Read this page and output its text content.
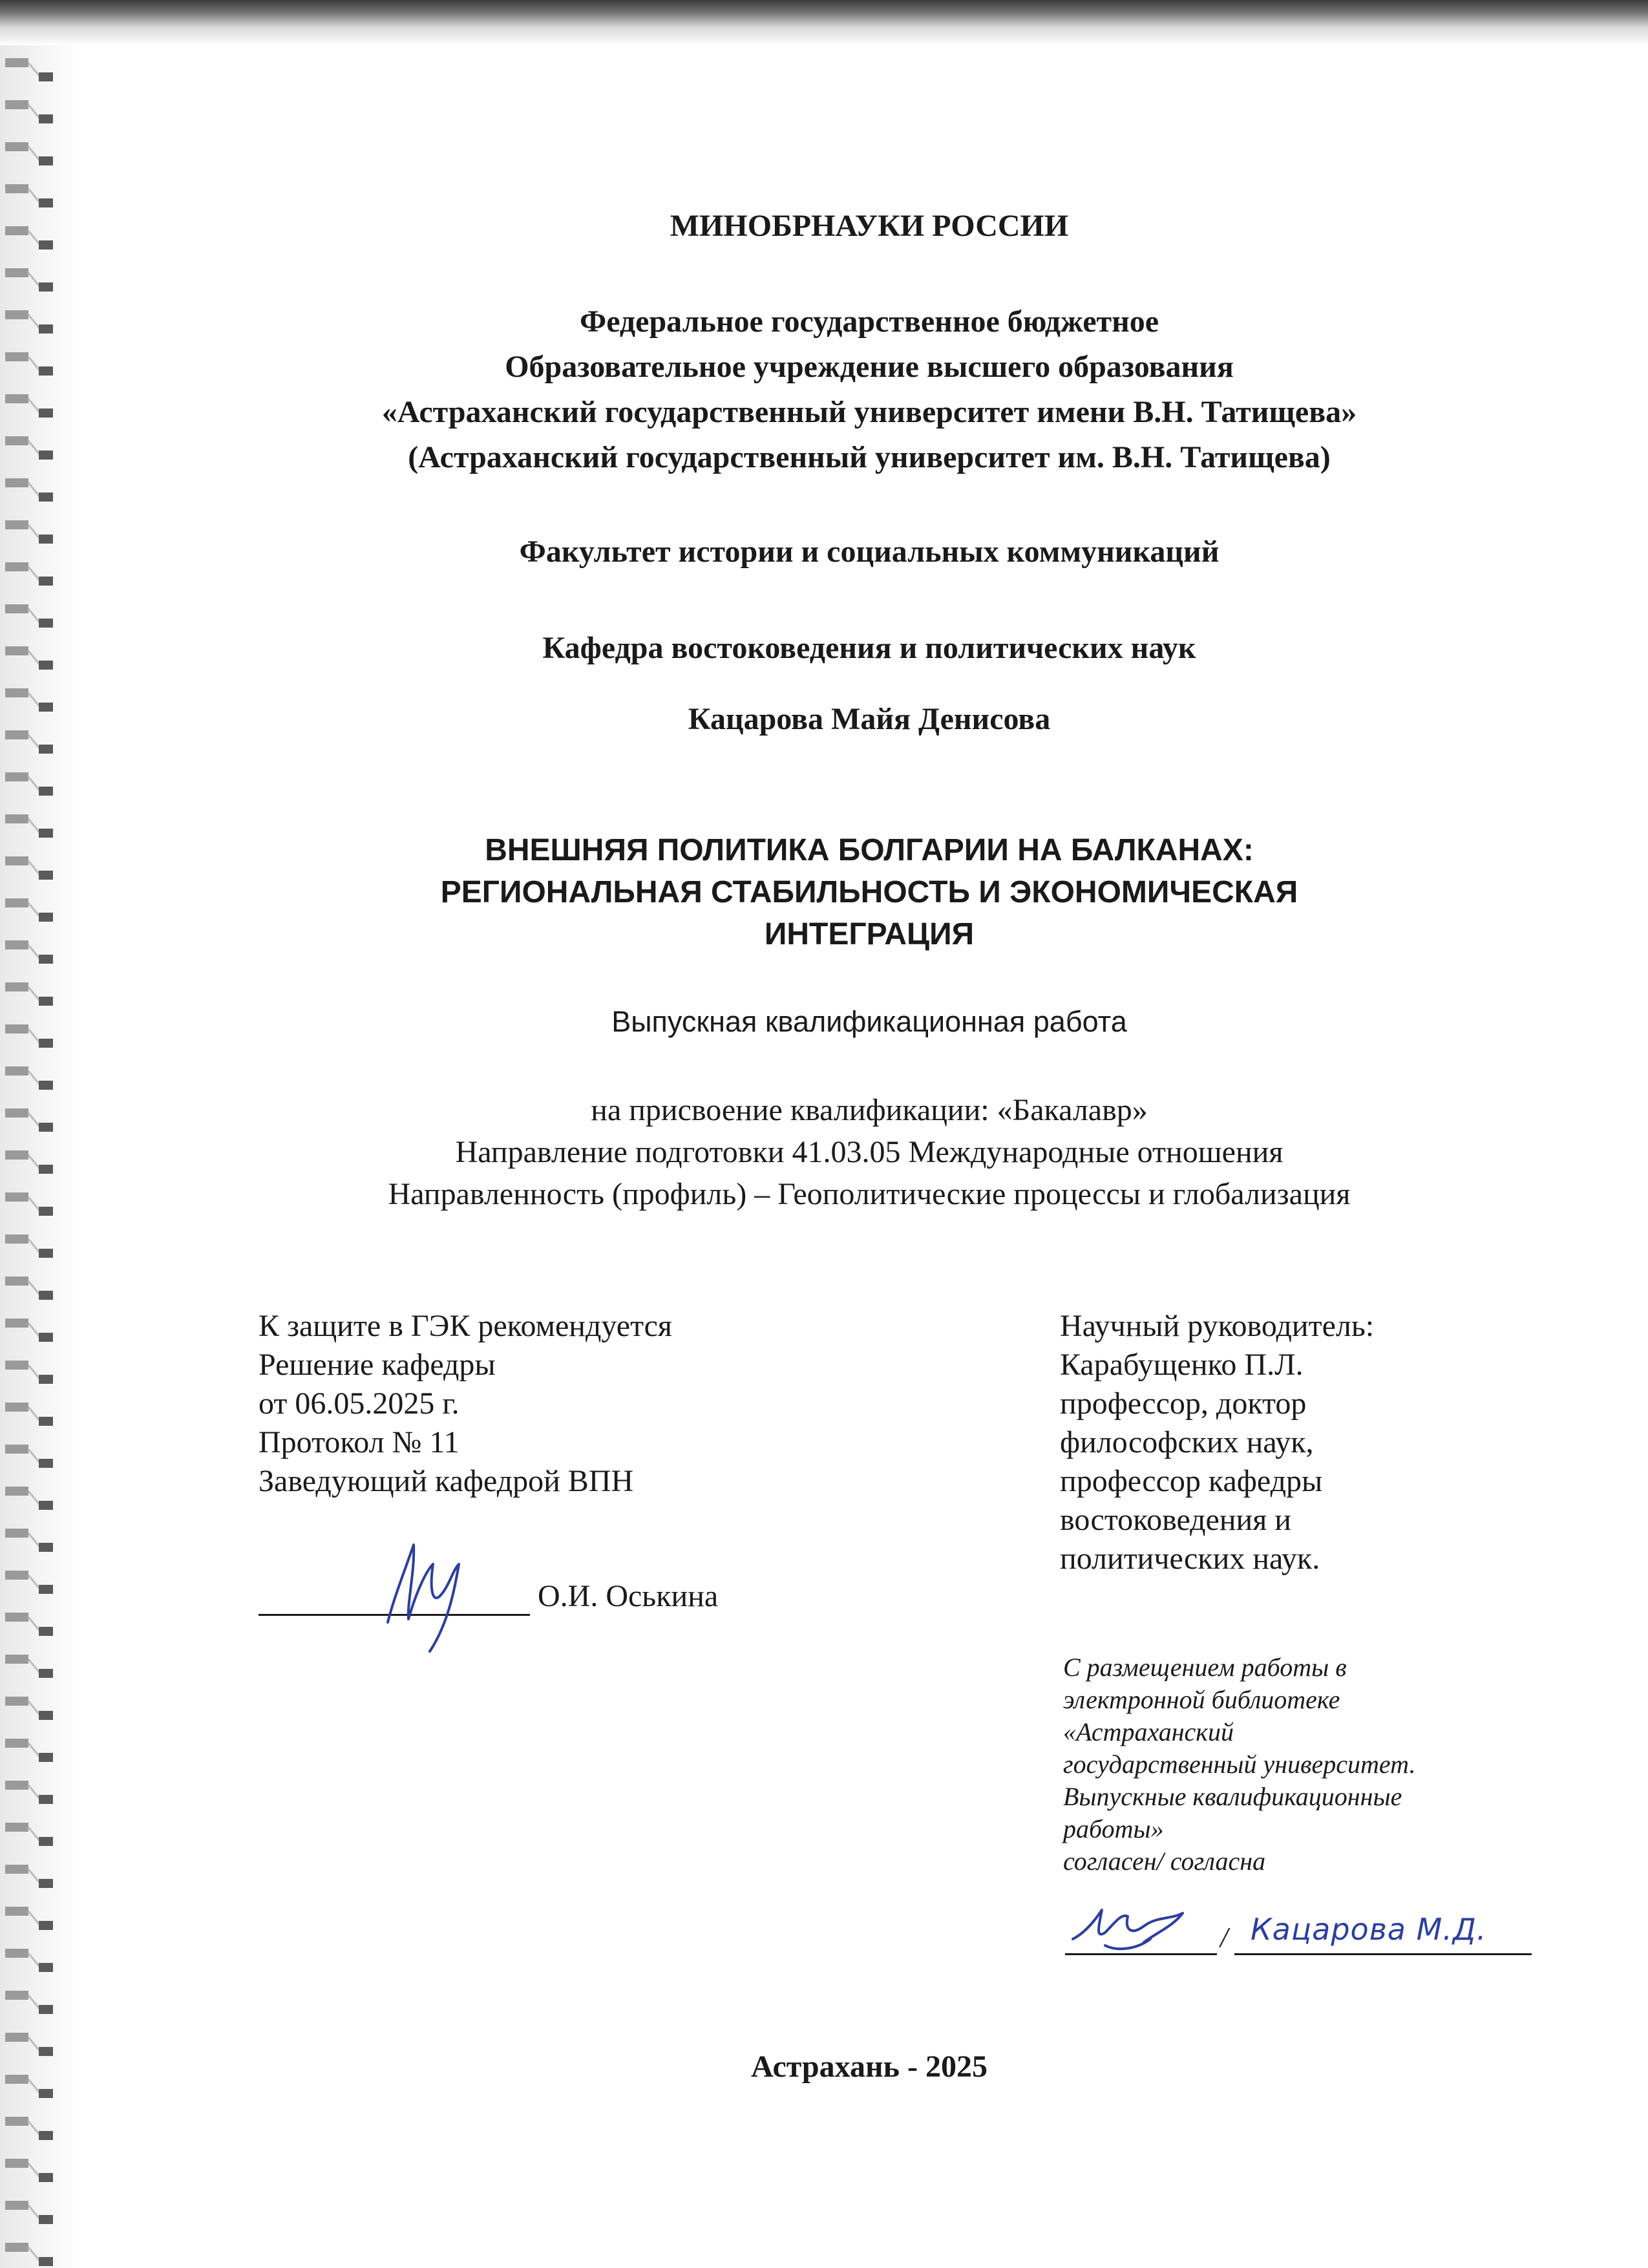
МИНОБРНАУКИ РОССИИ
Федеральное государственное бюджетное
Образовательное учреждение высшего образования
«Астраханский государственный университет имени В.Н. Татищева»
(Астраханский государственный университет им. В.Н. Татищева)
Факультет истории и социальных коммуникаций
Кафедра востоковедения и политических наук
Кацарова Майя Денисова
ВНЕШНЯЯ ПОЛИТИКА БОЛГАРИИ НА БАЛКАНАХ:
РЕГИОНАЛЬНАЯ СТАБИЛЬНОСТЬ И ЭКОНОМИЧЕСКАЯ
ИНТЕГРАЦИЯ
Выпускная квалификационная работа
на присвоение квалификации: «Бакалавр»
Направление подготовки 41.03.05 Международные отношения
Направленность (профиль) – Геополитические процессы и глобализация
К защите в ГЭК рекомендуется
Решение кафедры
от 06.05.2025 г.
Протокол № 11
Заведующий кафедрой ВПН
О.И. Оськина
Научный руководитель:
Карабущенко П.Л.
профессор, доктор
философских наук,
профессор кафедры
востоковедения и
политических наук.
С размещением работы в
электронной библиотеке
«Астраханский
государственный университет.
Выпускные квалификационные
работы»
согласен/ согласна
/ Кацарова М.Д.
Астрахань - 2025
